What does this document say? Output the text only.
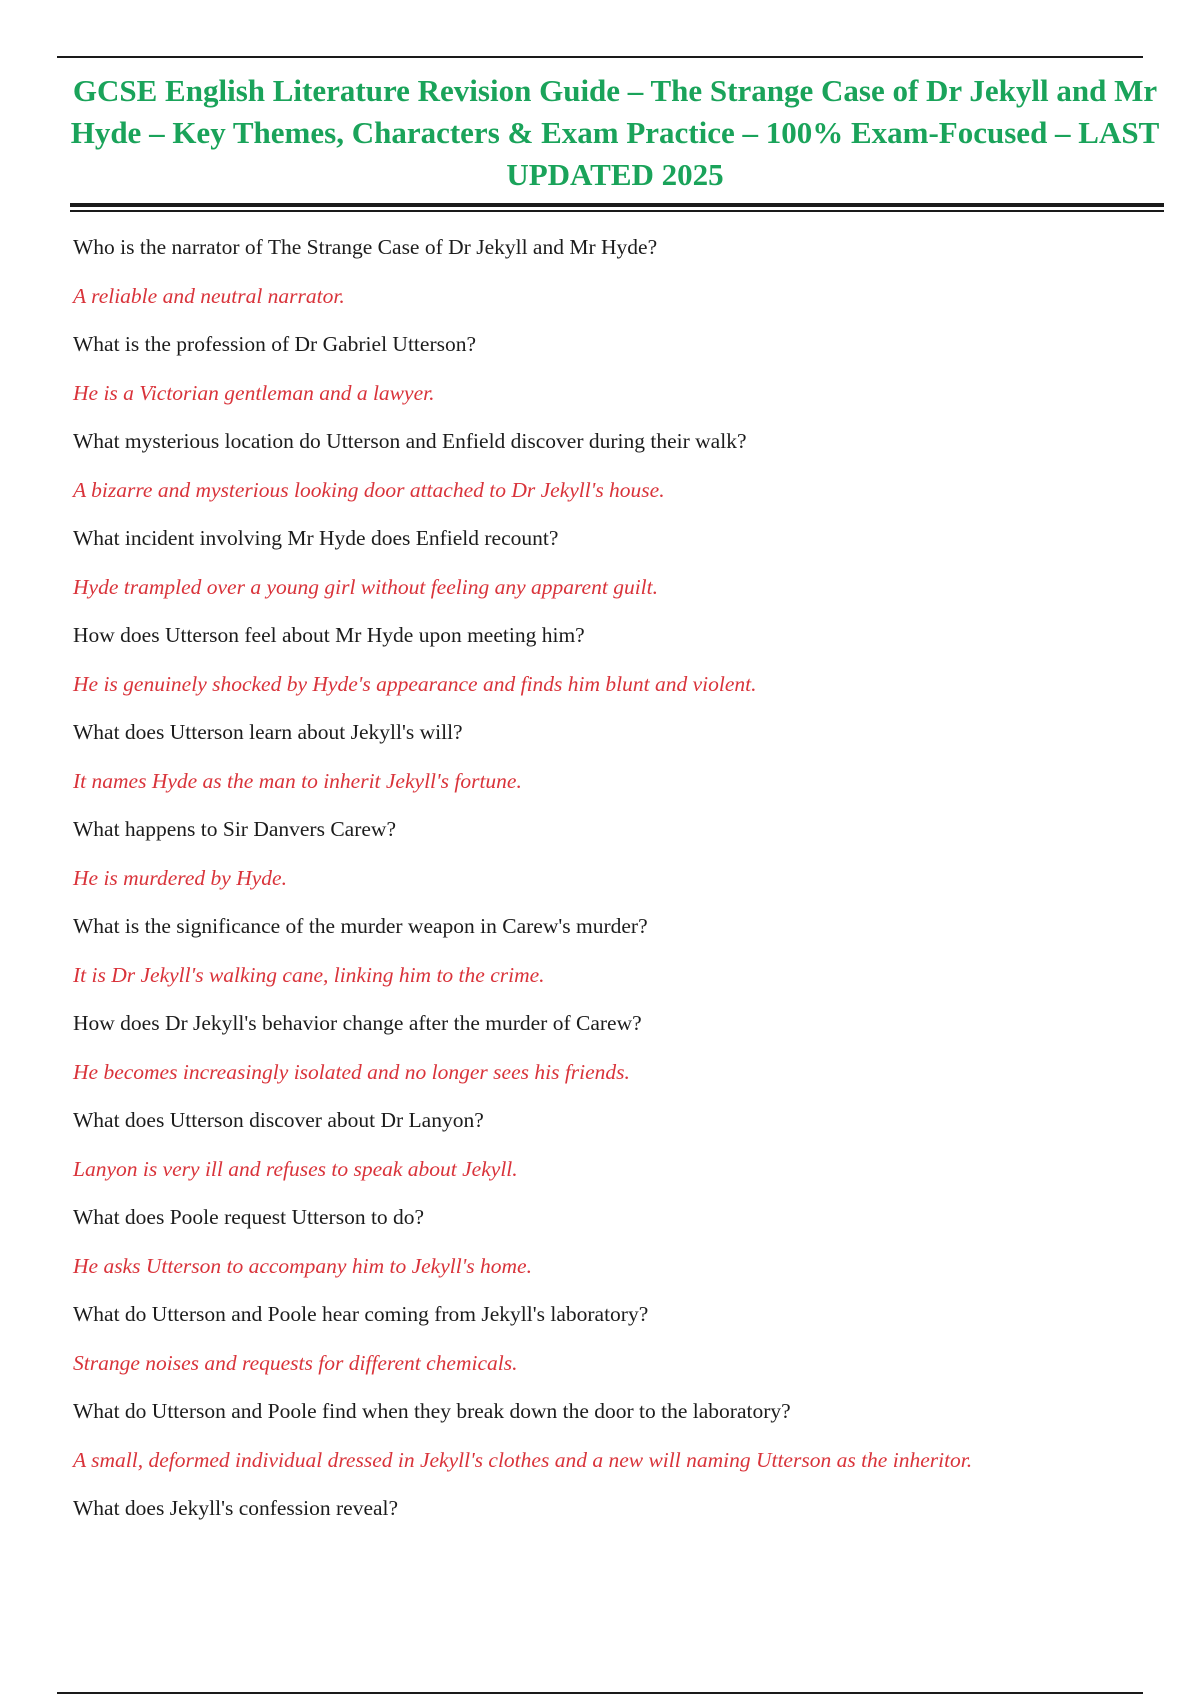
GCSE English Literature Revision Guide – The Strange Case of Dr Jekyll and Mr Hyde – Key Themes, Characters & Exam Practice – 100% Exam-Focused – LAST UPDATED 2025
Who is the narrator of The Strange Case of Dr Jekyll and Mr Hyde?
A reliable and neutral narrator.
What is the profession of Dr Gabriel Utterson?
He is a Victorian gentleman and a lawyer.
What mysterious location do Utterson and Enfield discover during their walk?
A bizarre and mysterious looking door attached to Dr Jekyll's house.
What incident involving Mr Hyde does Enfield recount?
Hyde trampled over a young girl without feeling any apparent guilt.
How does Utterson feel about Mr Hyde upon meeting him?
He is genuinely shocked by Hyde's appearance and finds him blunt and violent.
What does Utterson learn about Jekyll's will?
It names Hyde as the man to inherit Jekyll's fortune.
What happens to Sir Danvers Carew?
He is murdered by Hyde.
What is the significance of the murder weapon in Carew's murder?
It is Dr Jekyll's walking cane, linking him to the crime.
How does Dr Jekyll's behavior change after the murder of Carew?
He becomes increasingly isolated and no longer sees his friends.
What does Utterson discover about Dr Lanyon?
Lanyon is very ill and refuses to speak about Jekyll.
What does Poole request Utterson to do?
He asks Utterson to accompany him to Jekyll's home.
What do Utterson and Poole hear coming from Jekyll's laboratory?
Strange noises and requests for different chemicals.
What do Utterson and Poole find when they break down the door to the laboratory?
A small, deformed individual dressed in Jekyll's clothes and a new will naming Utterson as the inheritor.
What does Jekyll's confession reveal?
